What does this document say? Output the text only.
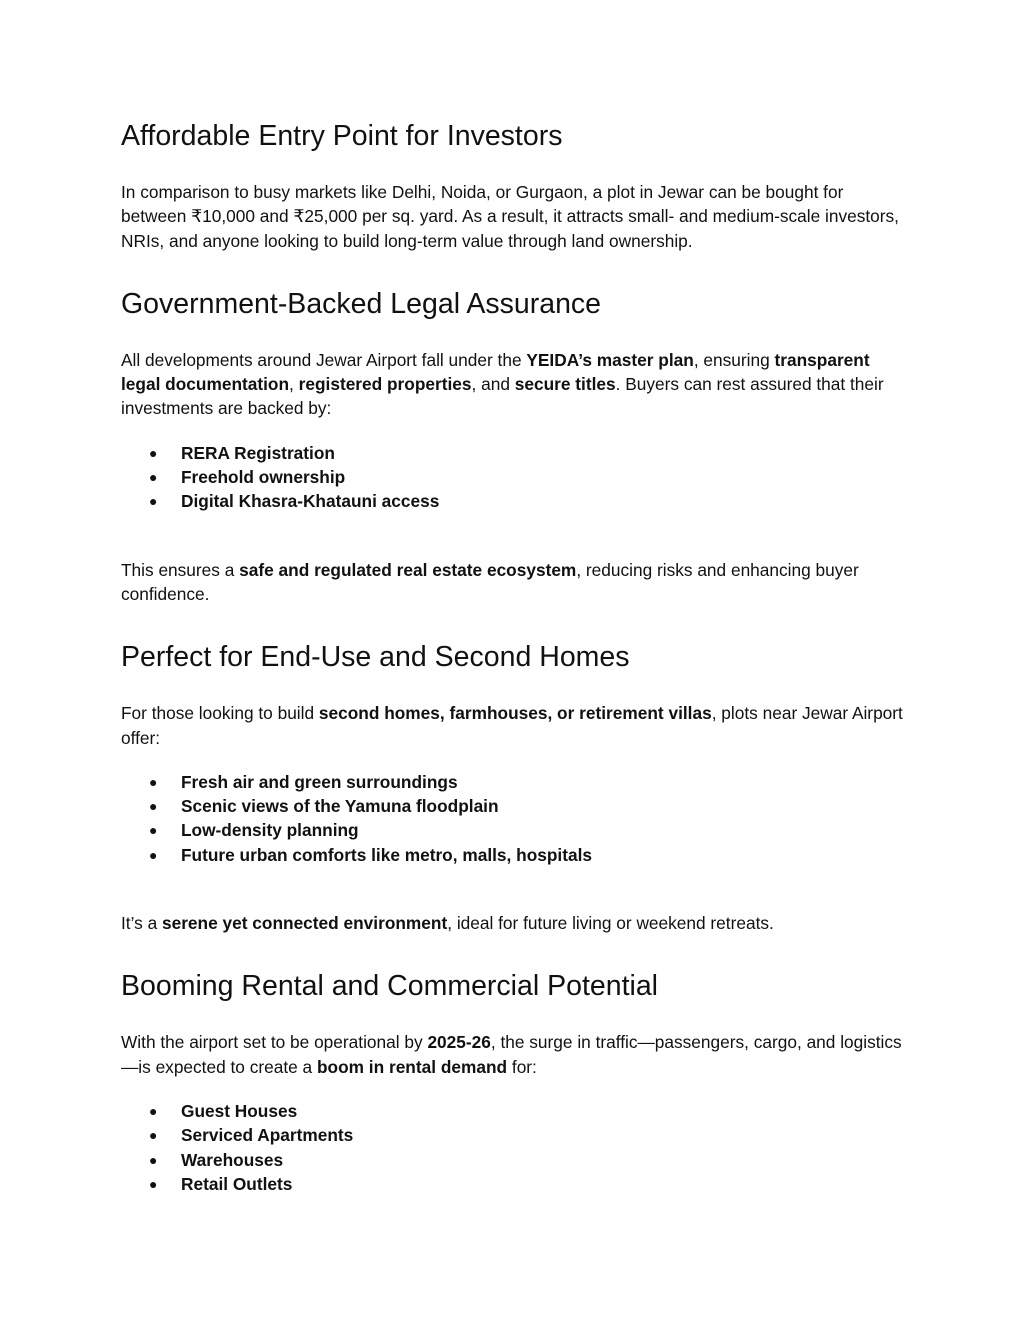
Affordable Entry Point for Investors

In comparison to busy markets like Delhi, Noida, or Gurgaon, a plot in Jewar can be bought for between ₹10,000 and ₹25,000 per sq. yard. As a result, it attracts small- and medium-scale investors, NRIs, and anyone looking to build long-term value through land ownership.

Government-Backed Legal Assurance

All developments around Jewar Airport fall under the YEIDA’s master plan, ensuring transparent legal documentation, registered properties, and secure titles. Buyers can rest assured that their investments are backed by:

● RERA Registration
● Freehold ownership
● Digital Khasra-Khatauni access

This ensures a safe and regulated real estate ecosystem, reducing risks and enhancing buyer confidence.

Perfect for End-Use and Second Homes

For those looking to build second homes, farmhouses, or retirement villas, plots near Jewar Airport offer:

● Fresh air and green surroundings
● Scenic views of the Yamuna floodplain
● Low-density planning
● Future urban comforts like metro, malls, hospitals

It’s a serene yet connected environment, ideal for future living or weekend retreats.

Booming Rental and Commercial Potential

With the airport set to be operational by 2025-26, the surge in traffic—passengers, cargo, and logistics—is expected to create a boom in rental demand for:

● Guest Houses
● Serviced Apartments
● Warehouses
● Retail Outlets
